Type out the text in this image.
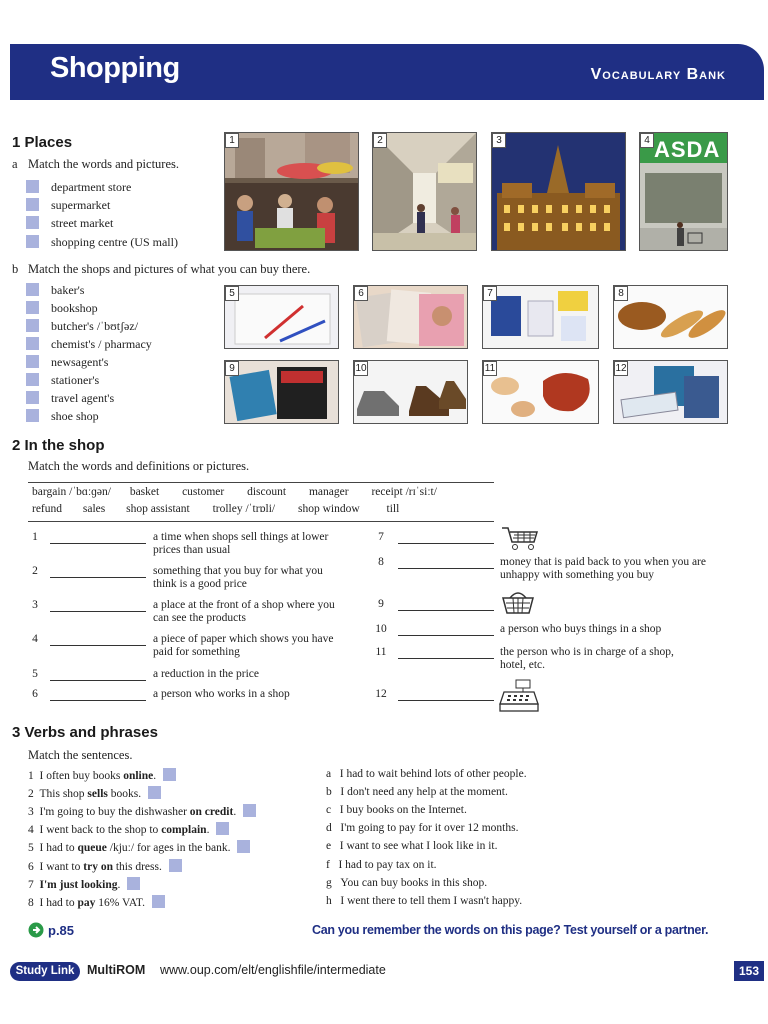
Shopping	Vocabulary Bank
1 Places
a Match the words and pictures.
department store
supermarket
street market
shopping centre (US mall)
1	2	3	4 ASDA
b Match the shops and pictures of what you can buy there.
baker's
bookshop
butcher's /ˈbʊtʃəz/
chemist's / pharmacy
newsagent's
stationer's
travel agent's
shoe shop
5	6	7	8
9	10	11	12
2 In the shop
Match the words and definitions or pictures.
bargain /ˈbɑːɡən/ basket customer discount manager receipt /rɪˈsiːt/
refund sales shop assistant trolley /ˈtrɒli/ shop window till
1	a time when shops sell things at lower prices than usual
2	something that you buy for what you think is a good price
3	a place at the front of a shop where you can see the products
4	a piece of paper which shows you have paid for something
5	a reduction in the price
6	a person who works in a shop
7
8	money that is paid back to you when you are unhappy with something you buy
9
10	a person who buys things in a shop
11	the person who is in charge of a shop, hotel, etc.
12
3 Verbs and phrases
Match the sentences.
1 I often buy books online.
2 This shop sells books.
3 I'm going to buy the dishwasher on credit.
4 I went back to the shop to complain.
5 I had to queue /kjuː/ for ages in the bank.
6 I want to try on this dress.
7 I'm just looking.
8 I had to pay 16% VAT.
a I had to wait behind lots of other people.
b I don't need any help at the moment.
c I buy books on the Internet.
d I'm going to pay for it over 12 months.
e I want to see what I look like in it.
f I had to pay tax on it.
g You can buy books in this shop.
h I went there to tell them I wasn't happy.
p.85	Can you remember the words on this page? Test yourself or a partner.
Study Link	MultiROM www.oup.com/elt/englishfile/intermediate	153
